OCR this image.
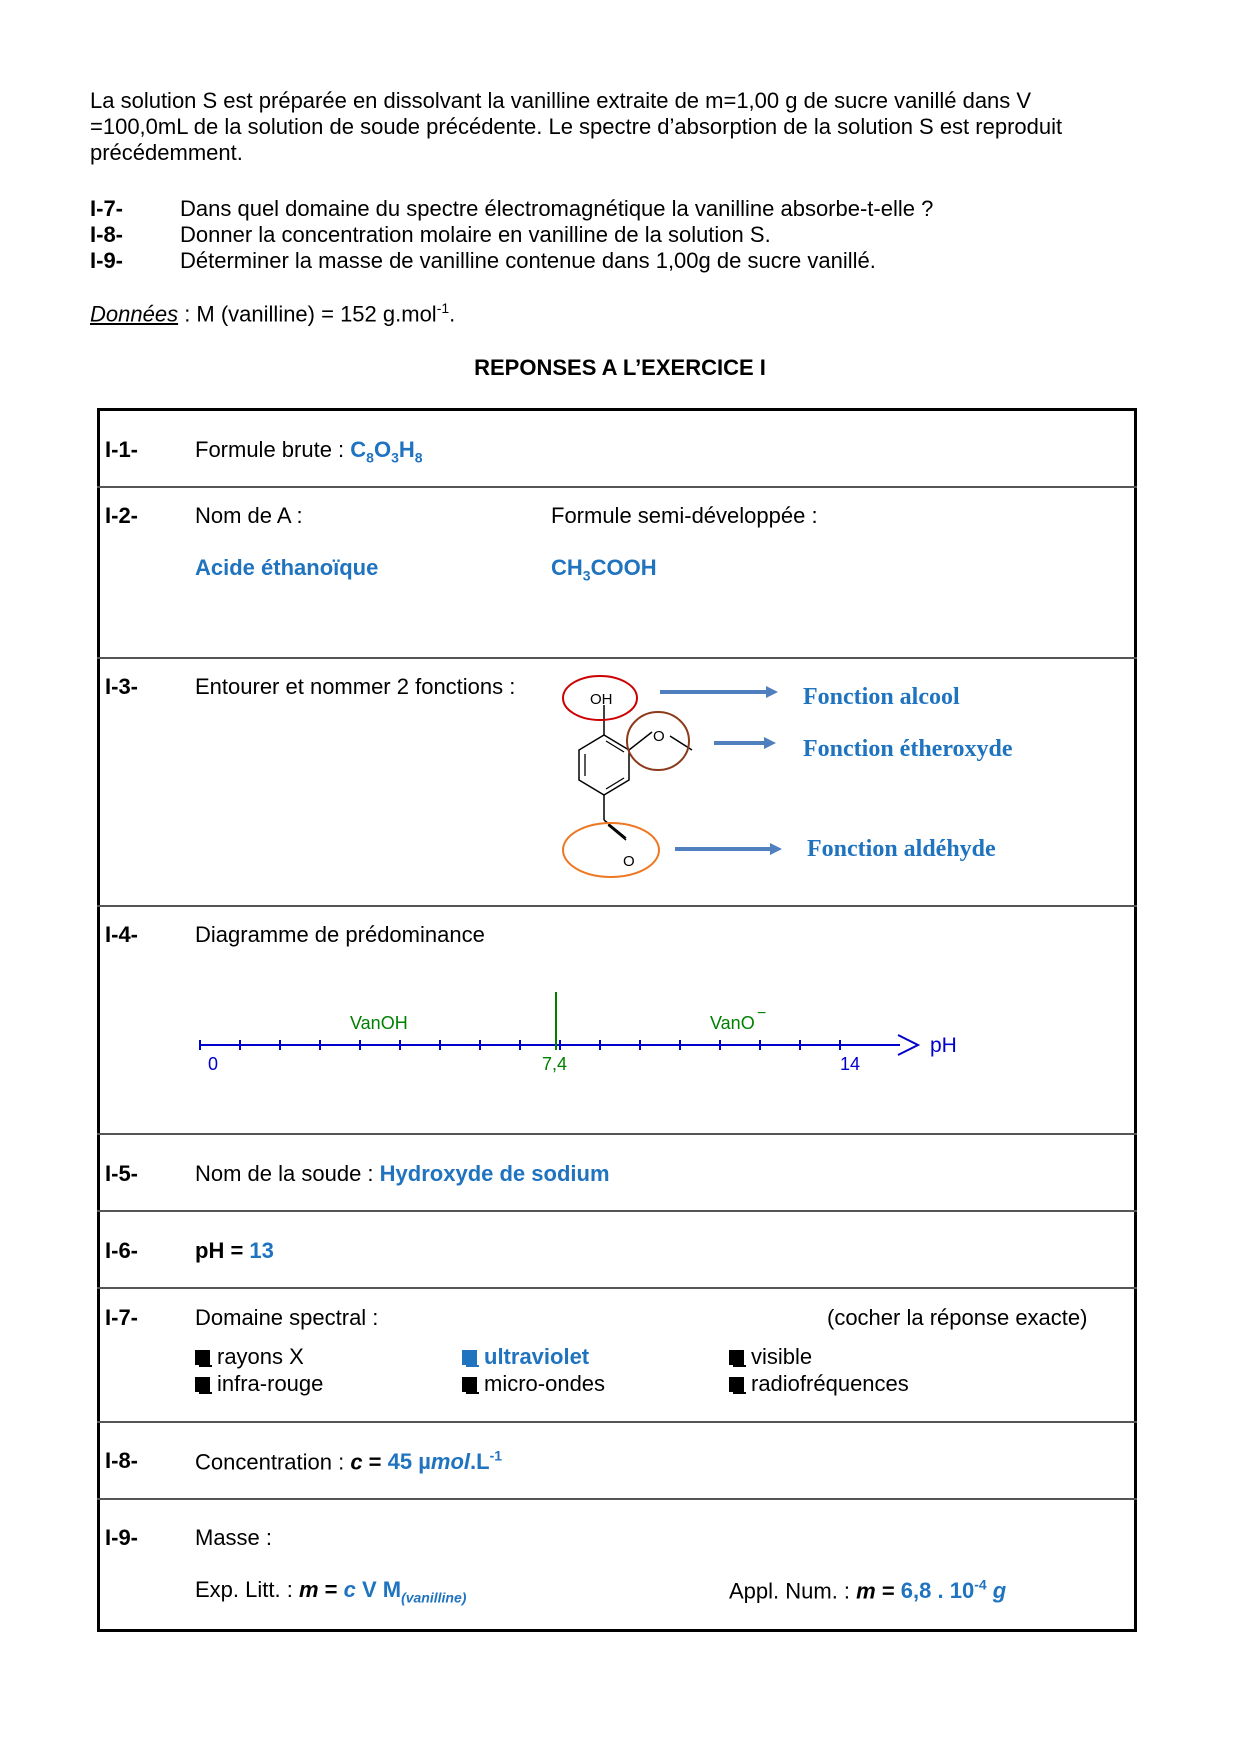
La solution S est préparée en dissolvant la vanilline extraite de m=1,00 g de sucre vanillé dans V
=100,0mL de la solution de soude précédente. Le spectre d’absorption de la solution S est reproduit
précédemment.
I-7-	Dans quel domaine du spectre électromagnétique la vanilline absorbe-t-elle ?
I-8-	Donner la concentration molaire en vanilline de la solution S.
I-9-	Déterminer la masse de vanilline contenue dans 1,00g de sucre vanillé.
Données : M (vanilline) = 152 g.mol$^{-1}$.
REPONSES A L’EXERCICE I
I-1-	Formule brute : $C_8O_3H_8$
I-2-	Nom de A :	Formule semi-développée :
Acide éthanoïque	$CH_3COOH$
I-3-	Entourer et nommer 2 fonctions :
OH
O
O
Fonction alcool
Fonction étheroxyde
Fonction aldéhyde
I-4-	Diagramme de prédominance
VanOH	VanO −
pH
0	7,4	14
I-5-	Nom de la soude : Hydroxyde de sodium
I-6-	pH = 13
I-7-	Domaine spectral :	(cocher la réponse exacte)
rayons X	ultraviolet	visible
infra-rouge	micro-ondes	radiofréquences
I-8-	Concentration : c = 45 $\mu mol.L^{-1}$
I-9-	Masse :
Exp. Litt. : m = c V $M_{(vanilline)}$	Appl. Num. : m = 6,8 . $10^{-4}$ g
